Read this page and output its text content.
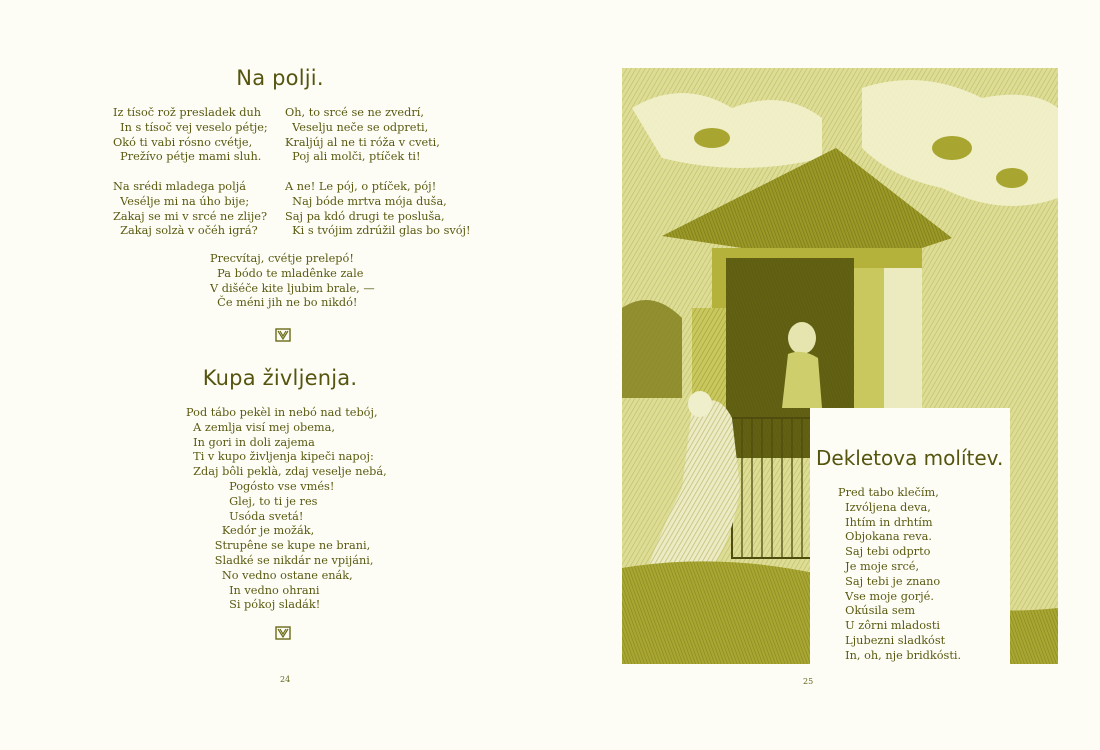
Na polji.
Iz tísoč rož presladek duh
In s tísoč vej veselo pétje;
Okó ti vabi rósno cvétje,
Prežívo pétje mami sluh.
Na srédi mladega poljá
Vesélje mi na úho bije;
Zakaj se mi v srcé ne zlije?
Zakaj solzà v očéh igrá?
Oh, to srcé se ne zvedrí,
Veselju neče se odpreti,
Kraljúj al ne ti róža v cveti,
Poj ali molči, ptíček ti!
A ne! Le pój, o ptíček, pój!
Naj bóde mrtva mója duša,
Saj pa kdó drugi te posluša,
Ki s tvójim zdrúžil glas bo svój!
Precvítaj, cvétje prelepó!
Pa bódo te mladênke zale
V dišéče kite ljubim brale, —
Če méni jih ne bo nikdó!
Kupa življenja.
Pod tábo pekèl in nebó nad tebój,
A zemlja visí mej obema,
In gori in doli zajema
Ti v kupo življenja kipeči napoj:
Zdaj bôli peklà, zdaj veselje nebá,
Pogósto vse vmés!
Glej, to ti je res
Usóda svetá!
Kedór je možák,
Strupêne se kupe ne brani,
Sladké se nikdár ne vpijáni,
No vedno ostane enák,
In vedno ohrani
Si pókoj sladák!
24
Dekletova molítev.
Pred tabo klečím,
Izvóljena deva,
Ihtím in drhtím
Objokana reva.
Saj tebi odprto
Je moje srcé,
Saj tebi je znano
Vse moje gorjé.
Okúsila sem
U zôrni mladosti
Ljubezni sladkóst
In, oh, nje bridkósti.
25
